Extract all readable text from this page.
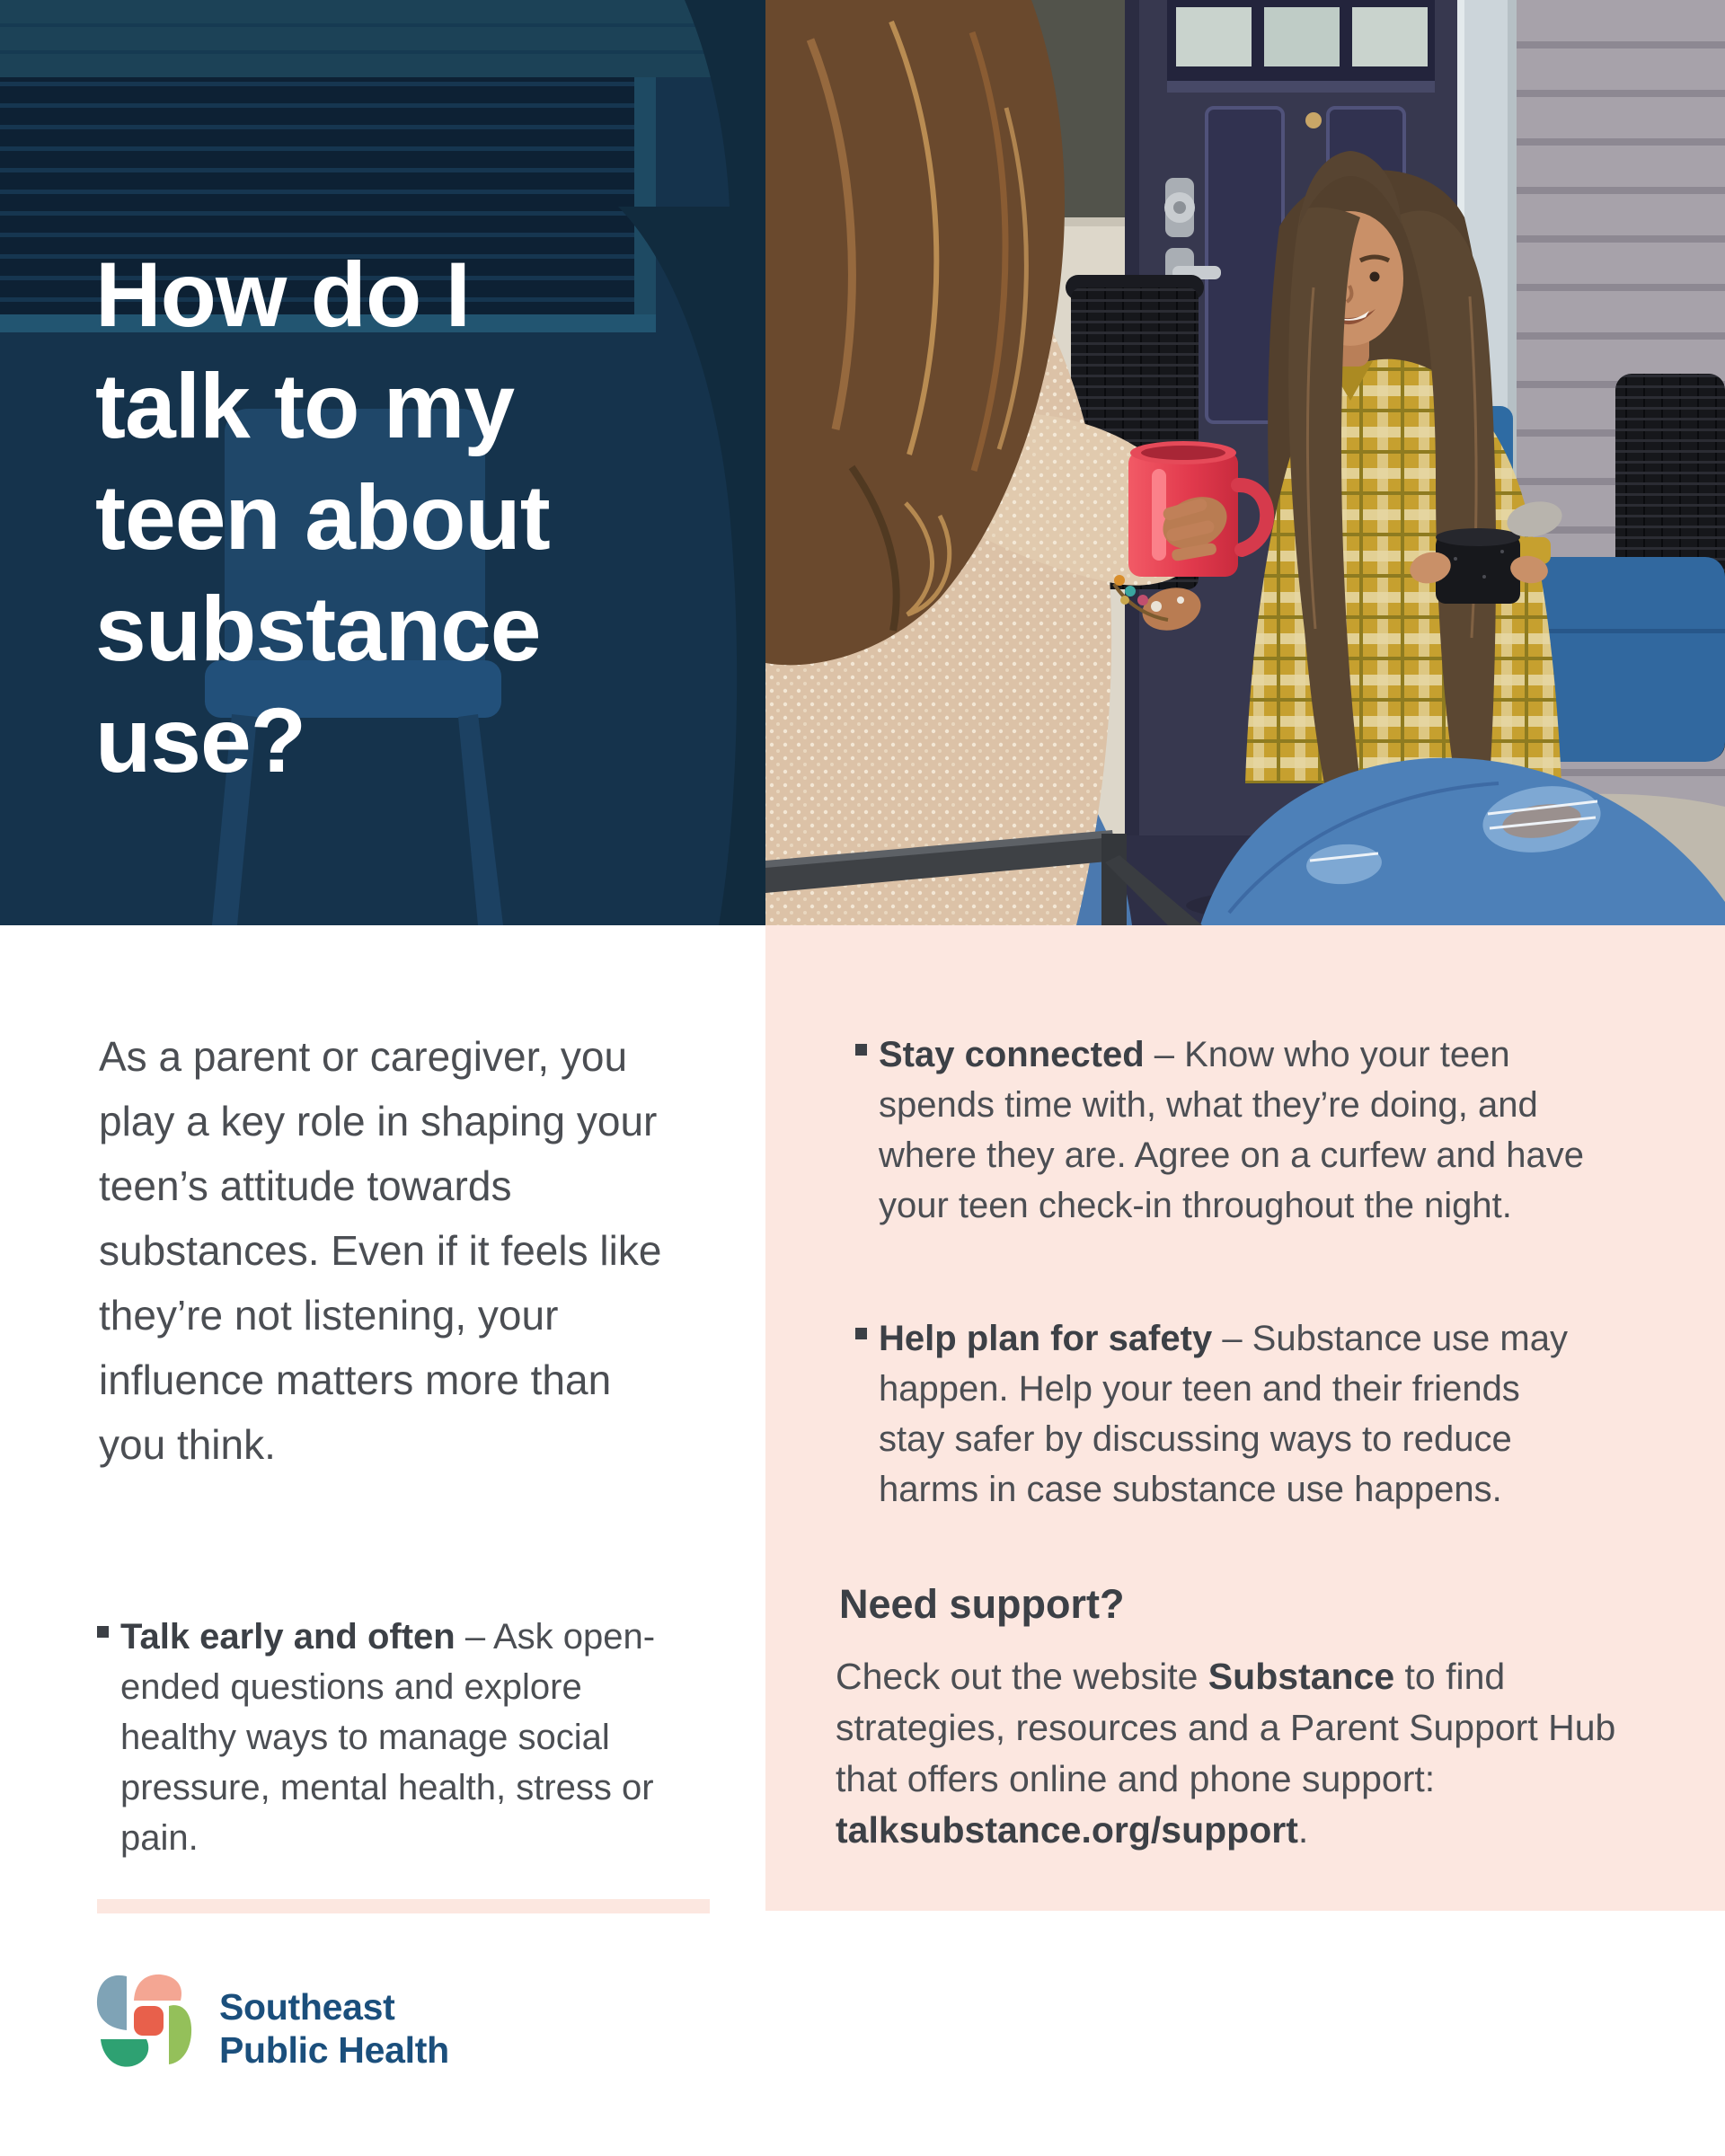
How do I
talk to my
teen about
substance
use?

As a parent or caregiver, you play a key role in shaping your teen’s attitude towards substances. Even if it feels like they’re not listening, your influence matters more than you think.

Talk early and often – Ask open-ended questions and explore healthy ways to manage social pressure, mental health, stress or pain.

Stay connected – Know who your teen spends time with, what they’re doing, and where they are. Agree on a curfew and have your teen check-in throughout the night.

Help plan for safety – Substance use may happen. Help your teen and their friends stay safer by discussing ways to reduce harms in case substance use happens.

Need support?

Check out the website Substance to find strategies, resources and a Parent Support Hub that offers online and phone support: talksubstance.org/support.

Southeast
Public Health
